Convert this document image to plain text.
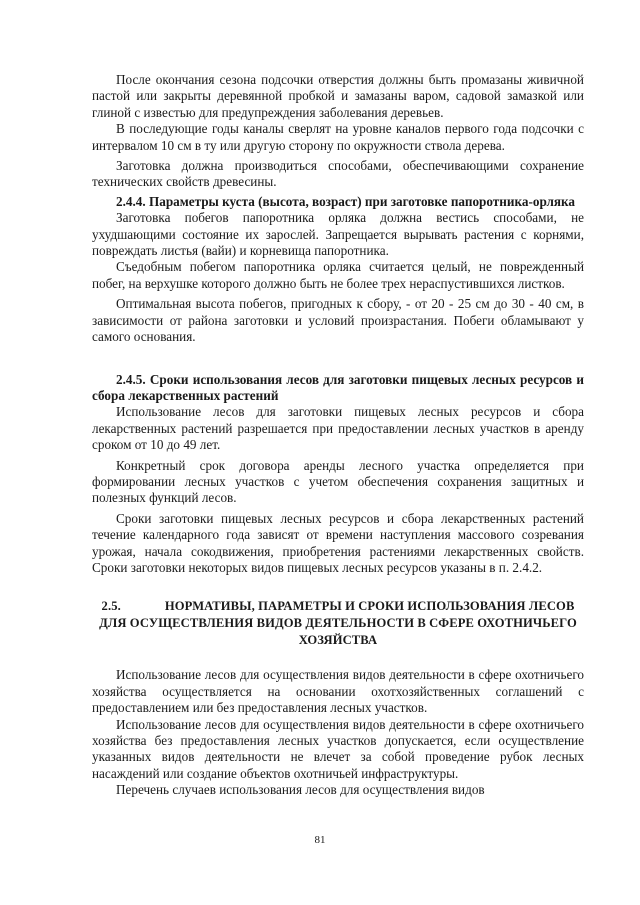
После окончания сезона подсочки отверстия должны быть промазаны живичной пастой или закрыты деревянной пробкой и замазаны варом, садовой замазкой или глиной с известью для предупреждения заболевания деревьев.

В последующие годы каналы сверлят на уровне каналов первого года подсочки с интервалом 10 см в ту или другую сторону по окружности ствола дерева.

Заготовка должна производиться способами, обеспечивающими сохранение технических свойств древесины.

2.4.4. Параметры куста (высота, возраст) при заготовке папоротника-орляка

Заготовка побегов папоротника орляка должна вестись способами, не ухудшающими состояние их зарослей. Запрещается вырывать растения с корнями, повреждать листья (вайи) и корневища папоротника.

Съедобным побегом папоротника орляка считается целый, не поврежденный побег, на верхушке которого должно быть не более трех нераспустившихся листков.

Оптимальная высота побегов, пригодных к сбору, - от 20 - 25 см до 30 - 40 см, в зависимости от района заготовки и условий произрастания. Побеги обламывают у самого основания.

2.4.5. Сроки использования лесов для заготовки пищевых лесных ресурсов и сбора лекарственных растений

Использование лесов для заготовки пищевых лесных ресурсов и сбора лекарственных растений разрешается при предоставлении лесных участков в аренду сроком от 10 до 49 лет.

Конкретный срок договора аренды лесного участка определяется при формировании лесных участков с учетом обеспечения сохранения защитных и полезных функций лесов.

Сроки заготовки пищевых лесных ресурсов и сбора лекарственных растений течение календарного года зависят от времени наступления массового созревания урожая, начала сокодвижения, приобретения растениями лекарственных свойств. Сроки заготовки некоторых видов пищевых лесных ресурсов указаны в п. 2.4.2.

2.5.	НОРМАТИВЫ, ПАРАМЕТРЫ И СРОКИ ИСПОЛЬЗОВАНИЯ ЛЕСОВ ДЛЯ ОСУЩЕСТВЛЕНИЯ ВИДОВ ДЕЯТЕЛЬНОСТИ В СФЕРЕ ОХОТНИЧЬЕГО ХОЗЯЙСТВА

Использование лесов для осуществления видов деятельности в сфере охотничьего хозяйства осуществляется на основании охотхозяйственных соглашений с предоставлением или без предоставления лесных участков.

Использование лесов для осуществления видов деятельности в сфере охотничьего хозяйства без предоставления лесных участков допускается, если осуществление указанных видов деятельности не влечет за собой проведение рубок лесных насаждений или создание объектов охотничьей инфраструктуры.

Перечень случаев использования лесов для осуществления видов

81
